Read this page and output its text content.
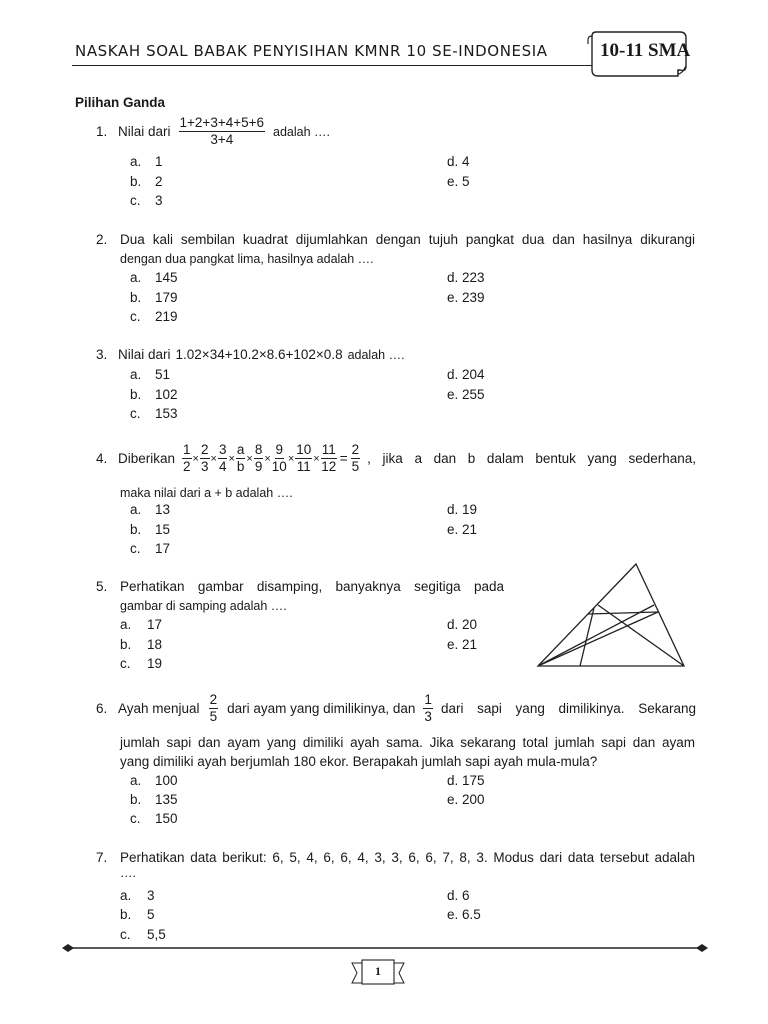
NASKAH SOAL BABAK PENYISIHAN KMNR 10 SE-INDONESIA	10-11 SMA
Pilihan Ganda
1. Nilai dari $\frac{1+2+3+4+5+6}{3+4}$ adalah ….
a. 1
b. 2
c. 3
d. 4
e. 5
2. Dua kali sembilan kuadrat dijumlahkan dengan tujuh pangkat dua dan hasilnya dikurangi
dengan dua pangkat lima, hasilnya adalah ….
a. 145
b. 179
c. 219
d. 223
e. 239
3. Nilai dari 1.02×34+10.2×8.6+102×0.8 adalah ….
a. 51
b. 102
c. 153
d. 204
e. 255
4. Diberikan $\frac{1}{2} \times \frac{2}{3} \times \frac{3}{4} \times \frac{a}{b} \times \frac{8}{9} \times \frac{9}{10} \times \frac{10}{11} \times \frac{11}{12} = \frac{2}{5}$ , jika a dan b dalam bentuk yang sederhana,
maka nilai dari a + b adalah ….
a. 13
b. 15
c. 17
d. 19
e. 21
5. Perhatikan gambar disamping, banyaknya segitiga pada
gambar di samping adalah ….
a. 17
b. 18
c. 19
d. 20
e. 21
6. Ayah menjual $\frac{2}{5}$ dari ayam yang dimilikinya, dan $\frac{1}{3}$ dari sapi yang dimilikinya. Sekarang
jumlah sapi dan ayam yang dimiliki ayah sama. Jika sekarang total jumlah sapi dan ayam
yang dimiliki ayah berjumlah 180 ekor. Berapakah jumlah sapi ayah mula-mula?
a. 100
b. 135
c. 150
d. 175
e. 200
7. Perhatikan data berikut: 6, 5, 4, 6, 6, 4, 3, 3, 6, 6, 7, 8, 3. Modus dari data tersebut adalah
….
a. 3
b. 5
c. 5,5
d. 6
e. 6.5
1
